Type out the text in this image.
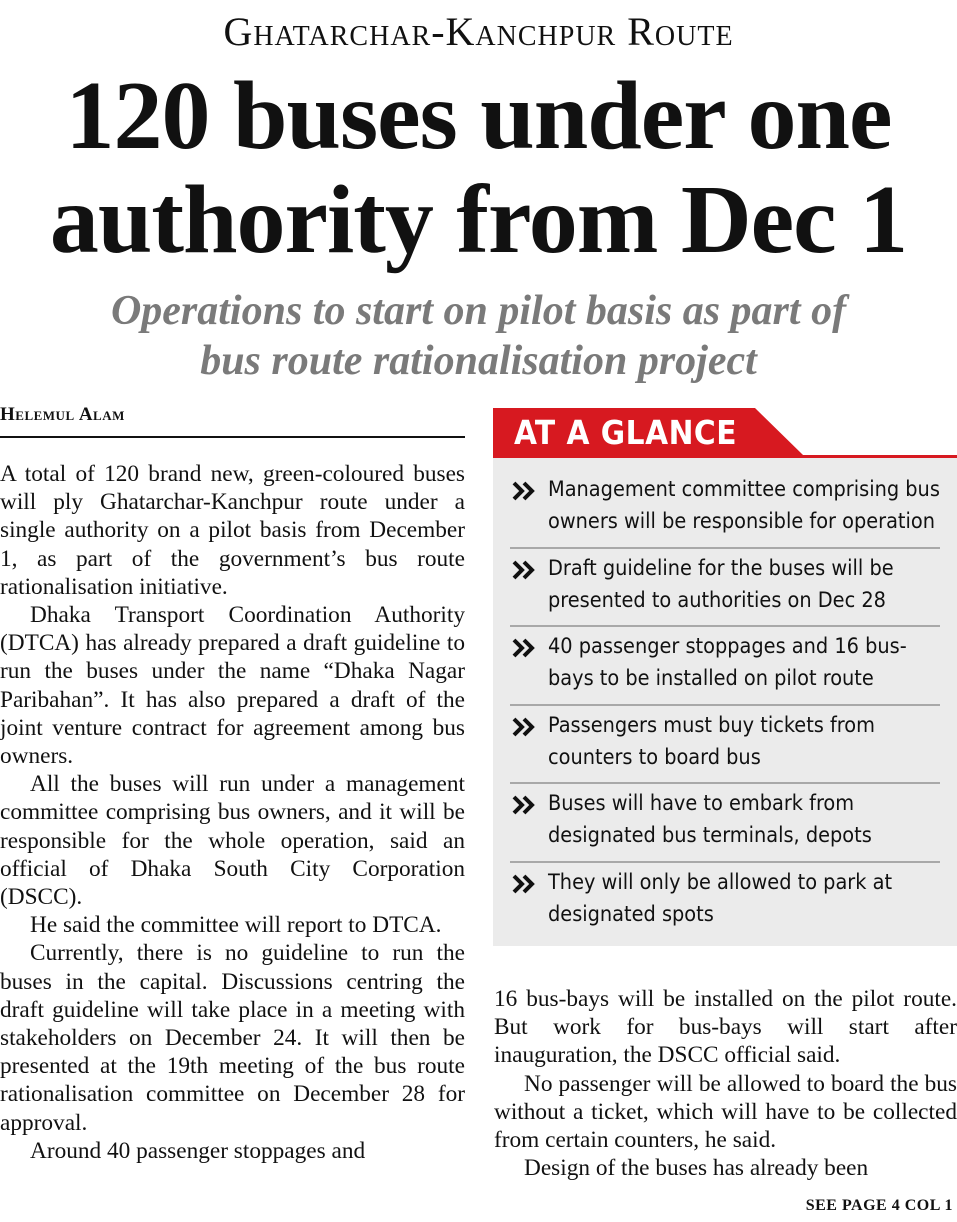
Ghatarchar-Kanchpur Route
120 buses under one
authority from Dec 1
Operations to start on pilot basis as part of
bus route rationalisation project
Helemul Alam

A total of 120 brand new, green-coloured buses will ply Ghatarchar-Kanchpur route under a single authority on a pilot basis from December 1, as part of the government’s bus route rationalisation initiative.

Dhaka Transport Coordination Authority (DTCA) has already prepared a draft guideline to run the buses under the name “Dhaka Nagar Paribahan”. It has also prepared a draft of the joint venture contract for agreement among bus owners.

All the buses will run under a management committee comprising bus owners, and it will be responsible for the whole operation, said an official of Dhaka South City Corporation (DSCC).

He said the committee will report to DTCA.

Currently, there is no guideline to run the buses in the capital. Discussions centring the draft guideline will take place in a meeting with stakeholders on December 24. It will then be presented at the 19th meeting of the bus route rationalisation committee on December 28 for approval.

Around 40 passenger stoppages and

AT A GLANCE
Management committee comprising bus owners will be responsible for operation
Draft guideline for the buses will be presented to authorities on Dec 28
40 passenger stoppages and 16 bus-bays to be installed on pilot route
Passengers must buy tickets from counters to board bus
Buses will have to embark from designated bus terminals, depots
They will only be allowed to park at designated spots

16 bus-bays will be installed on the pilot route. But work for bus-bays will start after inauguration, the DSCC official said.

No passenger will be allowed to board the bus without a ticket, which will have to be collected from certain counters, he said.

Design of the buses has already been

SEE PAGE 4 COL 1
